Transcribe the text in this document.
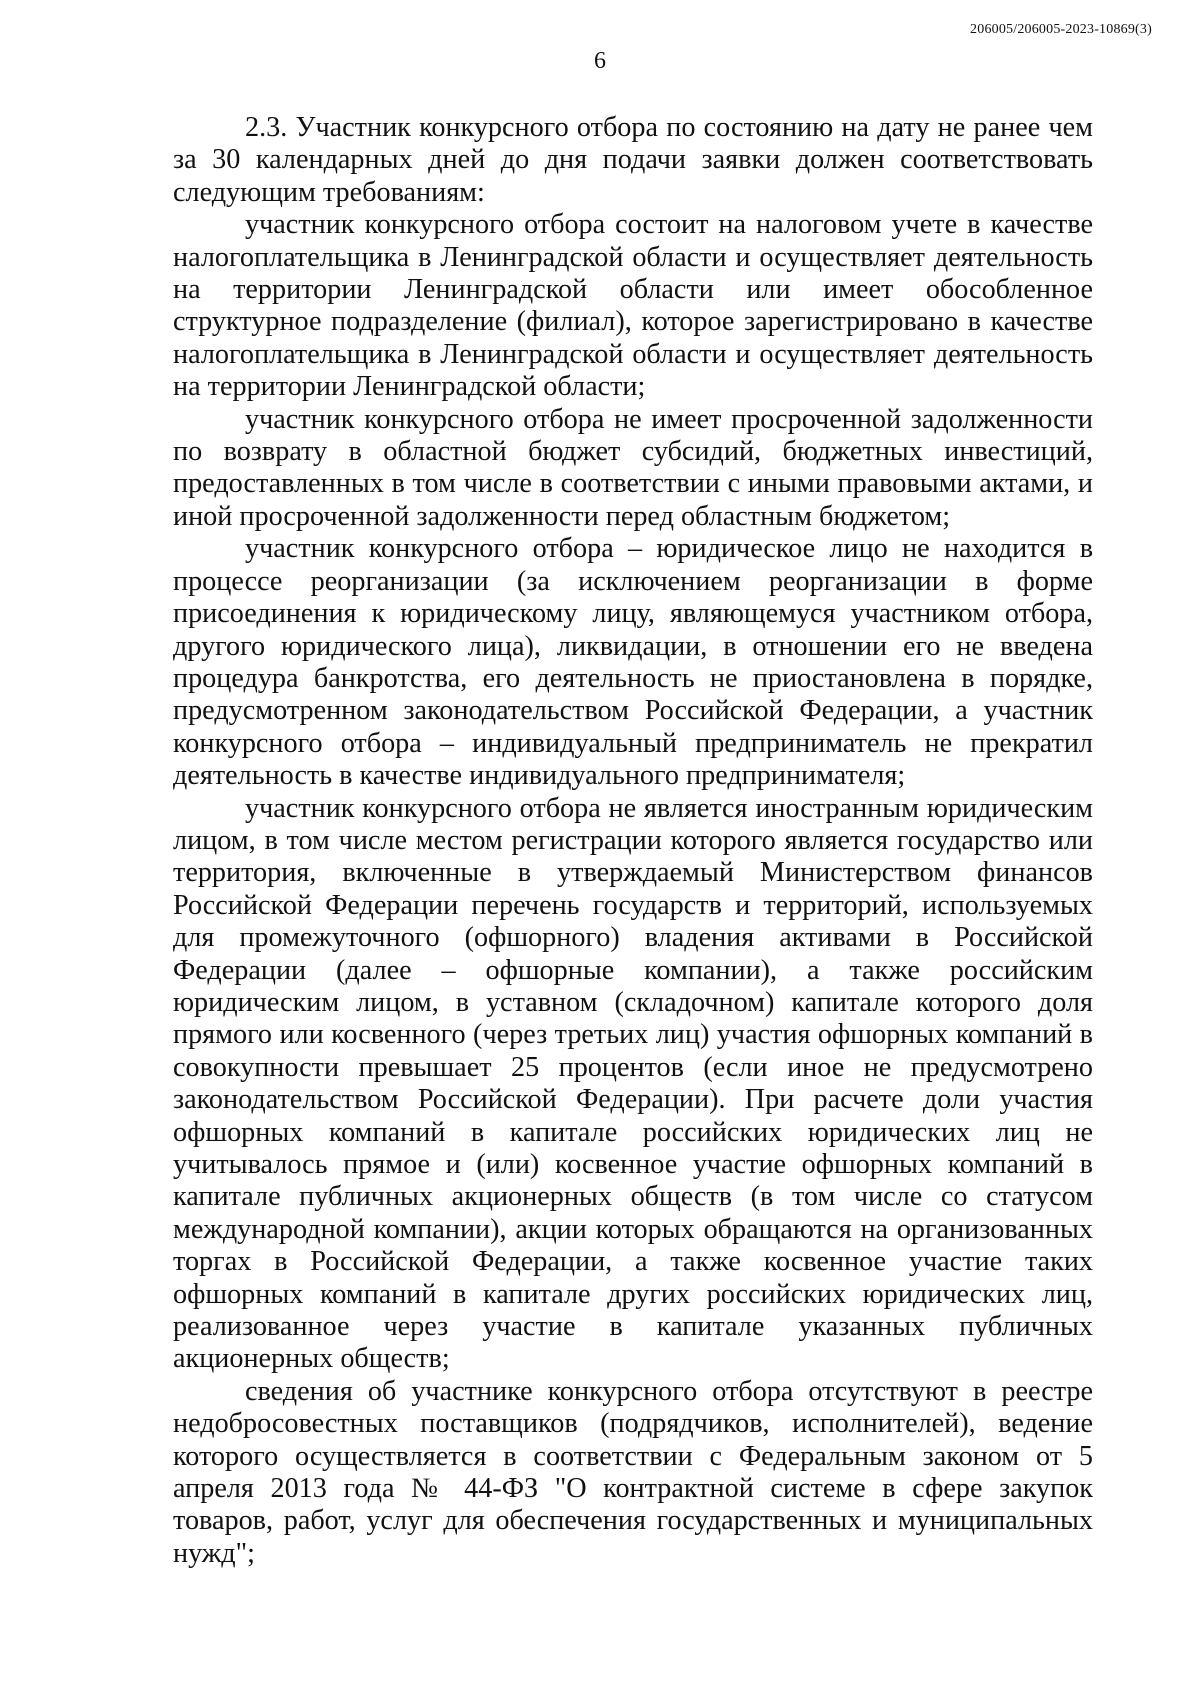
206005/206005-2023-10869(3)
6

2.3. Участник конкурсного отбора по состоянию на дату не ранее чем за 30 календарных дней до дня подачи заявки должен соответствовать следующим требованиям:

участник конкурсного отбора состоит на налоговом учете в качестве налогоплательщика в Ленинградской области и осуществляет деятельность на территории Ленинградской области или имеет обособленное структурное подразделение (филиал), которое зарегистрировано в качестве налогоплательщика в Ленинградской области и осуществляет деятельность на территории Ленинградской области;

участник конкурсного отбора не имеет просроченной задолженности по возврату в областной бюджет субсидий, бюджетных инвестиций, предоставленных в том числе в соответствии с иными правовыми актами, и иной просроченной задолженности перед областным бюджетом;

участник конкурсного отбора – юридическое лицо не находится в процессе реорганизации (за исключением реорганизации в форме присоединения к юридическому лицу, являющемуся участником отбора, другого юридического лица), ликвидации, в отношении его не введена процедура банкротства, его деятельность не приостановлена в порядке, предусмотренном законодательством Российской Федерации, а участник конкурсного отбора – индивидуальный предприниматель не прекратил деятельность в качестве индивидуального предпринимателя;

участник конкурсного отбора не является иностранным юридическим лицом, в том числе местом регистрации которого является государство или территория, включенные в утверждаемый Министерством финансов Российской Федерации перечень государств и территорий, используемых для промежуточного (офшорного) владения активами в Российской Федерации (далее – офшорные компании), а также российским юридическим лицом, в уставном (складочном) капитале которого доля прямого или косвенного (через третьих лиц) участия офшорных компаний в совокупности превышает 25 процентов (если иное не предусмотрено законодательством Российской Федерации). При расчете доли участия офшорных компаний в капитале российских юридических лиц не учитывалось прямое и (или) косвенное участие офшорных компаний в капитале публичных акционерных обществ (в том числе со статусом международной компании), акции которых обращаются на организованных торгах в Российской Федерации, а также косвенное участие таких офшорных компаний в капитале других российских юридических лиц, реализованное через участие в капитале указанных публичных акционерных обществ;

сведения об участнике конкурсного отбора отсутствуют в реестре недобросовестных поставщиков (подрядчиков, исполнителей), ведение которого осуществляется в соответствии с Федеральным законом от 5 апреля 2013 года № 44-ФЗ "О контрактной системе в сфере закупок товаров, работ, услуг для обеспечения государственных и муниципальных нужд";
